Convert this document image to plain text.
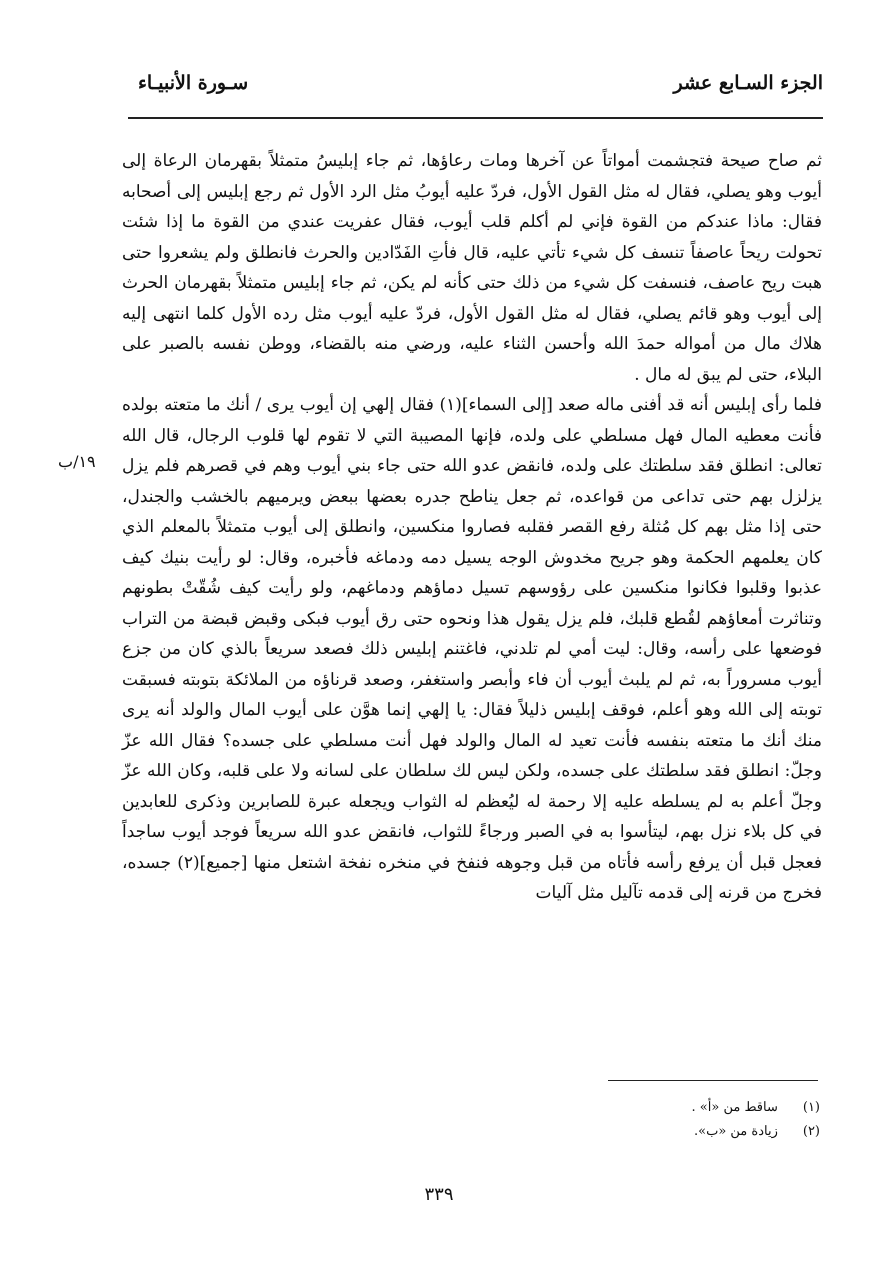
الجزء السـابع عشر
سـورة الأنبيـاء
١٩/ب

ثم صاح صيحة فتجشمت أمواتاً عن آخرها ومات رعاؤها، ثم جاء إبليسُ متمثلاً بقهرمان الرعاة إلى أيوب وهو يصلي، فقال له مثل القول الأول، فردّ عليه أيوبُ مثل الرد الأول ثم رجع إبليس إلى أصحابه فقال: ماذا عندكم من القوة فإني لم أكلم قلب أيوب، فقال عفريت عندي من القوة ما إذا شئت تحولت ريحاً عاصفاً تنسف كل شيء تأتي عليه، قال فأتِ الفَدّادين والحرث فانطلق ولم يشعروا حتى هبت ريح عاصف، فنسفت كل شيء من ذلك حتى كأنه لم يكن، ثم جاء إبليس متمثلاً بقهرمان الحرث إلى أيوب وهو قائم يصلي، فقال له مثل القول الأول، فردّ عليه أيوب مثل رده الأول كلما انتهى إليه هلاك مال من أمواله حمدَ الله وأحسن الثناء عليه، ورضي منه بالقضاء، ووطن نفسه بالصبر على البلاء، حتى لم يبق له مال .

فلما رأى إبليس أنه قد أفنى ماله صعد [إلى السماء](١) فقال إلهي إن أيوب يرى / أنك ما متعته بولده فأنت معطيه المال فهل مسلطي على ولده، فإنها المصيبة التي لا تقوم لها قلوب الرجال، قال الله تعالى: انطلق فقد سلطتك على ولده، فانقض عدو الله حتى جاء بني أيوب وهم في قصرهم فلم يزل يزلزل بهم حتى تداعى من قواعده، ثم جعل يناطح جدره بعضها ببعض ويرميهم بالخشب والجندل، حتى إذا مثل بهم كل مُثلة رفع القصر فقلبه فصاروا منكسين، وانطلق إلى أيوب متمثلاً بالمعلم الذي كان يعلمهم الحكمة وهو جريح مخدوش الوجه يسيل دمه ودماغه فأخبره، وقال: لو رأيت بنيك كيف عذبوا وقلبوا فكانوا منكسين على رؤوسهم تسيل دماؤهم ودماغهم، ولو رأيت كيف شُقّتْ بطونهم وتناثرت أمعاؤهم لقُطع قلبك، فلم يزل يقول هذا ونحوه حتى رق أيوب فبكى وقبض قبضة من التراب فوضعها على رأسه، وقال: ليت أمي لم تلدني، فاغتنم إبليس ذلك فصعد سريعاً بالذي كان من جزع أيوب مسروراً به، ثم لم يلبث أيوب أن فاء وأبصر واستغفر، وصعد قرناؤه من الملائكة بتوبته فسبقت توبته إلى الله وهو أعلم، فوقف إبليس ذليلاً فقال: يا إلهي إنما هوَّن على أيوب المال والولد أنه يرى منك أنك ما متعته بنفسه فأنت تعيد له المال والولد فهل أنت مسلطي على جسده؟ فقال الله عزّ وجلّ: انطلق فقد سلطتك على جسده، ولكن ليس لك سلطان على لسانه ولا على قلبه، وكان الله عزّ وجلّ أعلم به لم يسلطه عليه إلا رحمة له ليُعظم له الثواب ويجعله عبرة للصابرين وذكرى للعابدين في كل بلاء نزل بهم، ليتأسوا به في الصبر ورجاءً للثواب، فانقض عدو الله سريعاً فوجد أيوب ساجداً فعجل قبل أن يرفع رأسه فأتاه من قبل وجوهه فنفخ في منخره نفخة اشتعل منها [جميع](٢) جسده، فخرج من قرنه إلى قدمه تآليل مثل آليات

(١) ساقط من «أ» .
(٢) زيادة من «ب».
٣٣٩
